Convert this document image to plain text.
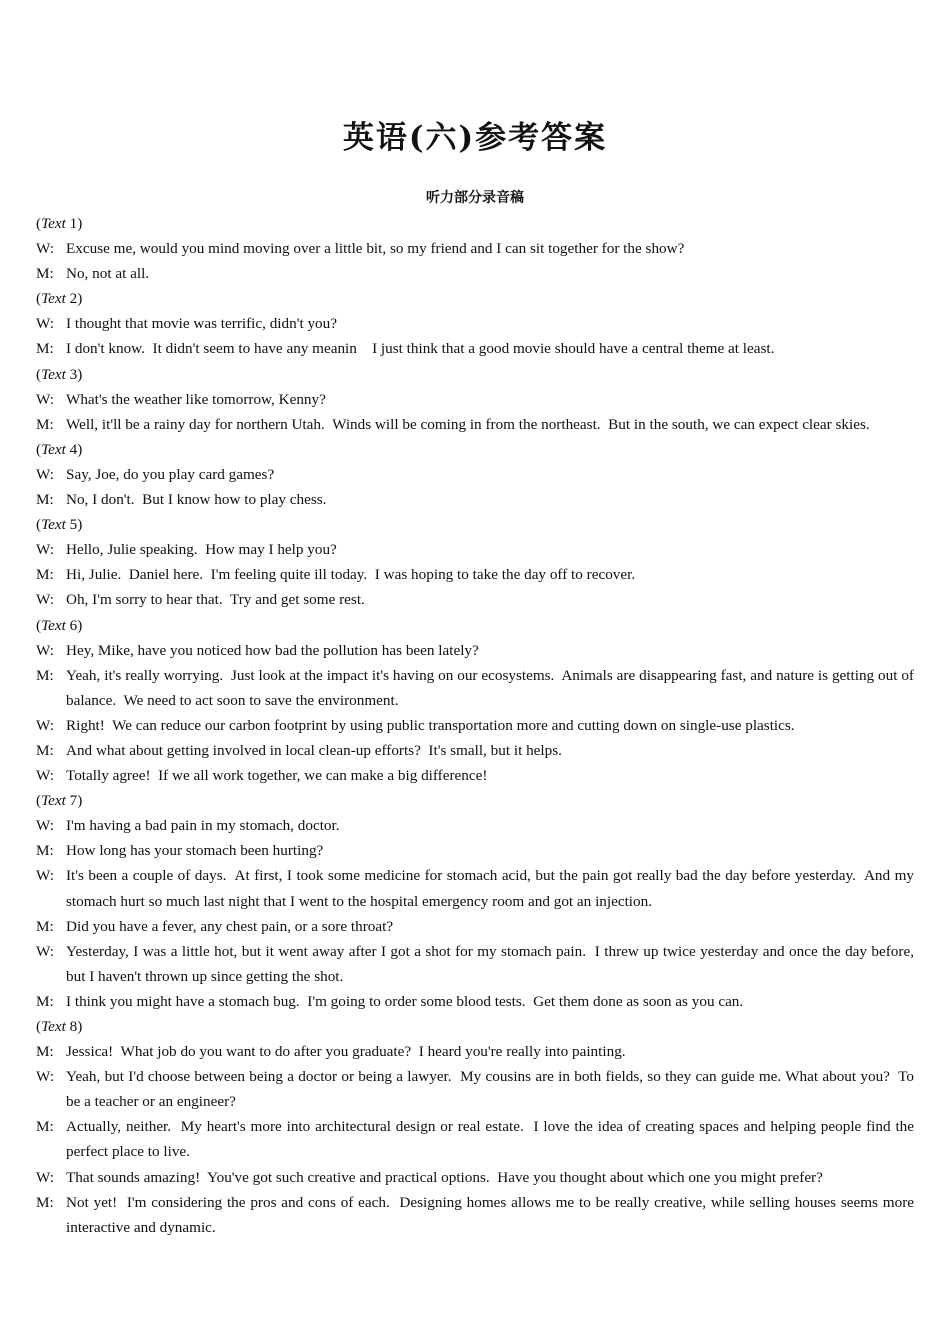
英语(六)参考答案
听力部分录音稿

(Text 1)

W: Excuse me, would you mind moving over a little bit, so my friend and I can sit together for the show?

M: No, not at all.

(Text 2)

W: I thought that movie was terrific, didn't you?

M: I don't know.  It didn't seem to have any meanin    I just think that a good movie should have a central theme at least.

(Text 3)

W: What's the weather like tomorrow, Kenny?

M: Well, it'll be a rainy day for northern Utah.  Winds will be coming in from the northeast.  But in the south, we can expect clear skies.

(Text 4)

W: Say, Joe, do you play card games?

M: No, I don't.  But I know how to play chess.

(Text 5)

W: Hello, Julie speaking.  How may I help you?

M: Hi, Julie.  Daniel here.  I'm feeling quite ill today.  I was hoping to take the day off to recover.

W: Oh, I'm sorry to hear that.  Try and get some rest.

(Text 6)

W: Hey, Mike, have you noticed how bad the pollution has been lately?

M: Yeah, it's really worrying.  Just look at the impact it's having on our ecosystems.  Animals are disappearing fast, and nature is getting out of balance.  We need to act soon to save the environment.

W: Right!  We can reduce our carbon footprint by using public transportation more and cutting down on single-use plastics.

M: And what about getting involved in local clean-up efforts?  It's small, but it helps.

W: Totally agree!  If we all work together, we can make a big difference!

(Text 7)

W: I'm having a bad pain in my stomach, doctor.

M: How long has your stomach been hurting?

W: It's been a couple of days.  At first, I took some medicine for stomach acid, but the pain got really bad the day before yesterday.  And my stomach hurt so much last night that I went to the hospital emergency room and got an injection.

M: Did you have a fever, any chest pain, or a sore throat?

W: Yesterday, I was a little hot, but it went away after I got a shot for my stomach pain.  I threw up twice yesterday and once the day before, but I haven't thrown up since getting the shot.

M: I think you might have a stomach bug.  I'm going to order some blood tests.  Get them done as soon as you can.

(Text 8)

M: Jessica!  What job do you want to do after you graduate?  I heard you're really into painting.

W: Yeah, but I'd choose between being a doctor or being a lawyer.  My cousins are in both fields, so they can guide me. What about you?  To be a teacher or an engineer?

M: Actually, neither.  My heart's more into architectural design or real estate.  I love the idea of creating spaces and helping people find the perfect place to live.

W: That sounds amazing!  You've got such creative and practical options.  Have you thought about which one you might prefer?

M: Not yet!  I'm considering the pros and cons of each.  Designing homes allows me to be really creative, while selling houses seems more interactive and dynamic.
